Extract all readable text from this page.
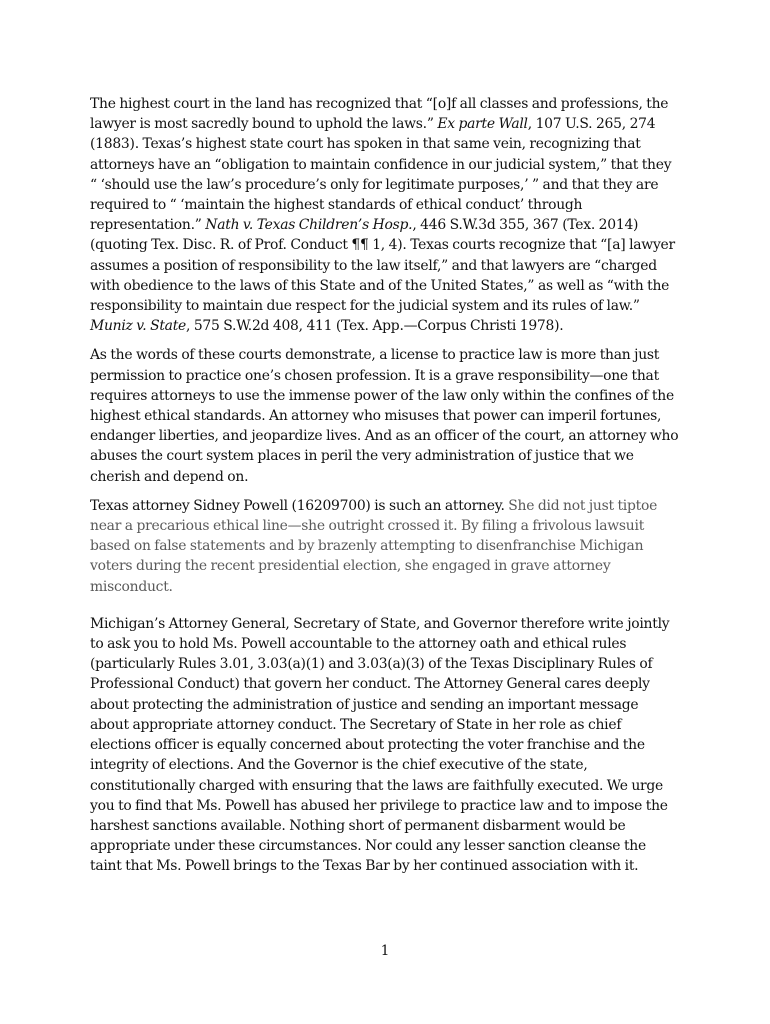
The highest court in the land has recognized that “[o]f all classes and professions, the lawyer is most sacredly bound to uphold the laws.” Ex parte Wall, 107 U.S. 265, 274 (1883). Texas’s highest state court has spoken in that same vein, recognizing that attorneys have an “obligation to maintain confidence in our judicial system,” that they “ ‘should use the law’s procedure’s only for legitimate purposes,’ ” and that they are required to “ ‘maintain the highest standards of ethical conduct’ through representation.” Nath v. Texas Children’s Hosp., 446 S.W.3d 355, 367 (Tex. 2014) (quoting Tex. Disc. R. of Prof. Conduct ¶¶ 1, 4). Texas courts recognize that “[a] lawyer assumes a position of responsibility to the law itself,” and that lawyers are “charged with obedience to the laws of this State and of the United States,” as well as “with the responsibility to maintain due respect for the judicial system and its rules of law.” Muniz v. State, 575 S.W.2d 408, 411 (Tex. App.—Corpus Christi 1978).

As the words of these courts demonstrate, a license to practice law is more than just permission to practice one’s chosen profession. It is a grave responsibility—one that requires attorneys to use the immense power of the law only within the confines of the highest ethical standards. An attorney who misuses that power can imperil fortunes, endanger liberties, and jeopardize lives. And as an officer of the court, an attorney who abuses the court system places in peril the very administration of justice that we cherish and depend on.

Texas attorney Sidney Powell (16209700) is such an attorney. She did not just tiptoe near a precarious ethical line—she outright crossed it. By filing a frivolous lawsuit based on false statements and by brazenly attempting to disenfranchise Michigan voters during the recent presidential election, she engaged in grave attorney misconduct.

Michigan’s Attorney General, Secretary of State, and Governor therefore write jointly to ask you to hold Ms. Powell accountable to the attorney oath and ethical rules (particularly Rules 3.01, 3.03(a)(1) and 3.03(a)(3) of the Texas Disciplinary Rules of Professional Conduct) that govern her conduct. The Attorney General cares deeply about protecting the administration of justice and sending an important message about appropriate attorney conduct. The Secretary of State in her role as chief elections officer is equally concerned about protecting the voter franchise and the integrity of elections. And the Governor is the chief executive of the state, constitutionally charged with ensuring that the laws are faithfully executed. We urge you to find that Ms. Powell has abused her privilege to practice law and to impose the harshest sanctions available. Nothing short of permanent disbarment would be appropriate under these circumstances. Nor could any lesser sanction cleanse the taint that Ms. Powell brings to the Texas Bar by her continued association with it.

1
